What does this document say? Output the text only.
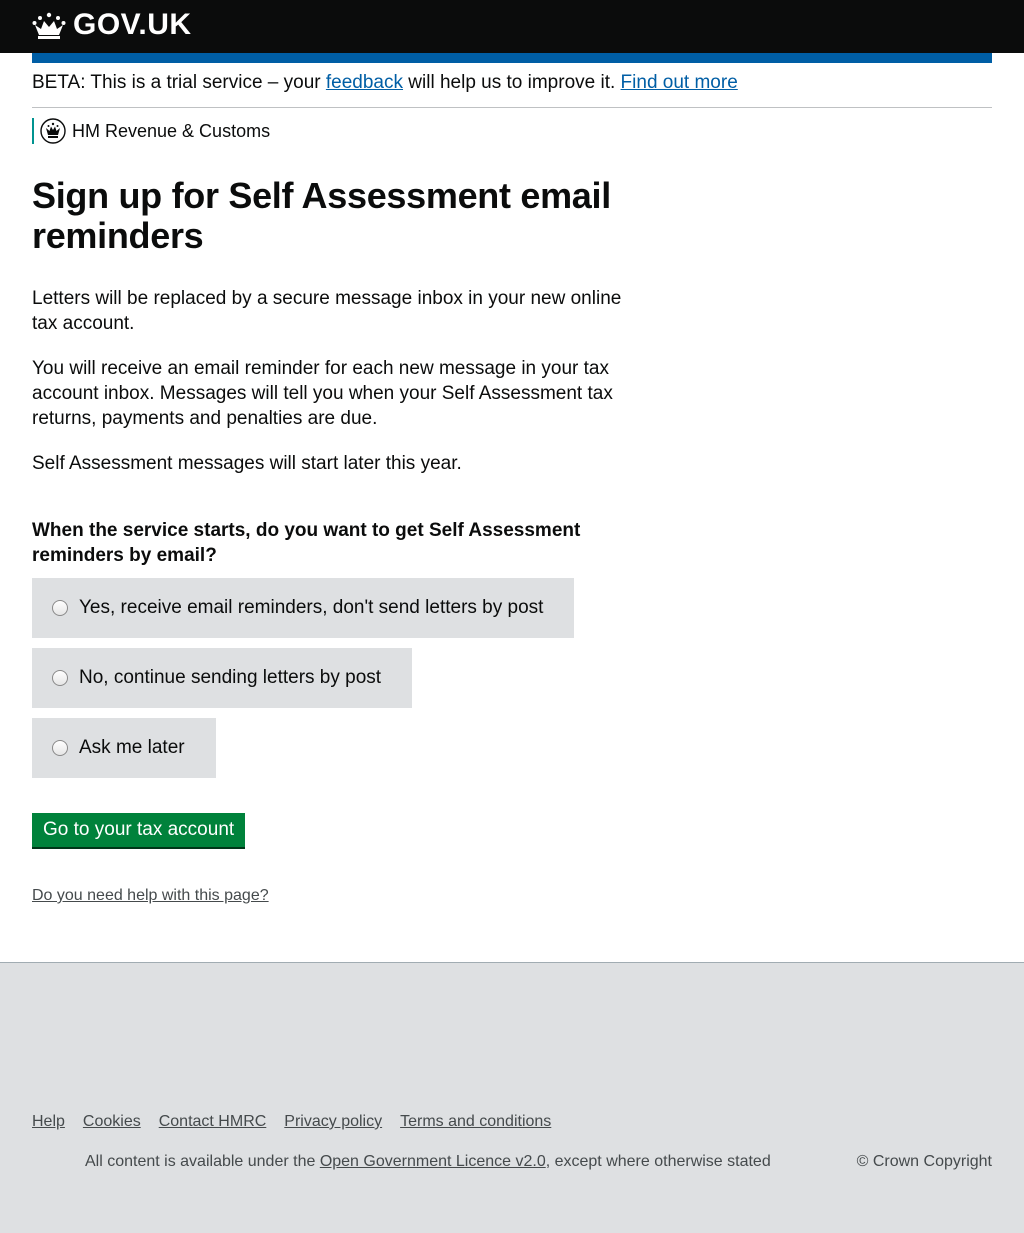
GOV.UK
BETA: This is a trial service – your feedback will help us to improve it. Find out more
HM Revenue & Customs
Sign up for Self Assessment email reminders

Letters will be replaced by a secure message inbox in your new online tax account.

You will receive an email reminder for each new message in your tax account inbox. Messages will tell you when your Self Assessment tax returns, payments and penalties are due.

Self Assessment messages will start later this year.

When the service starts, do you want to get Self Assessment reminders by email?
Yes, receive email reminders, don't send letters by post
No, continue sending letters by post
Ask me later
Go to your tax account
Do you need help with this page?
Help Cookies Contact HMRC Privacy policy Terms and conditions
All content is available under the Open Government Licence v2.0, except where otherwise stated	© Crown Copyright
